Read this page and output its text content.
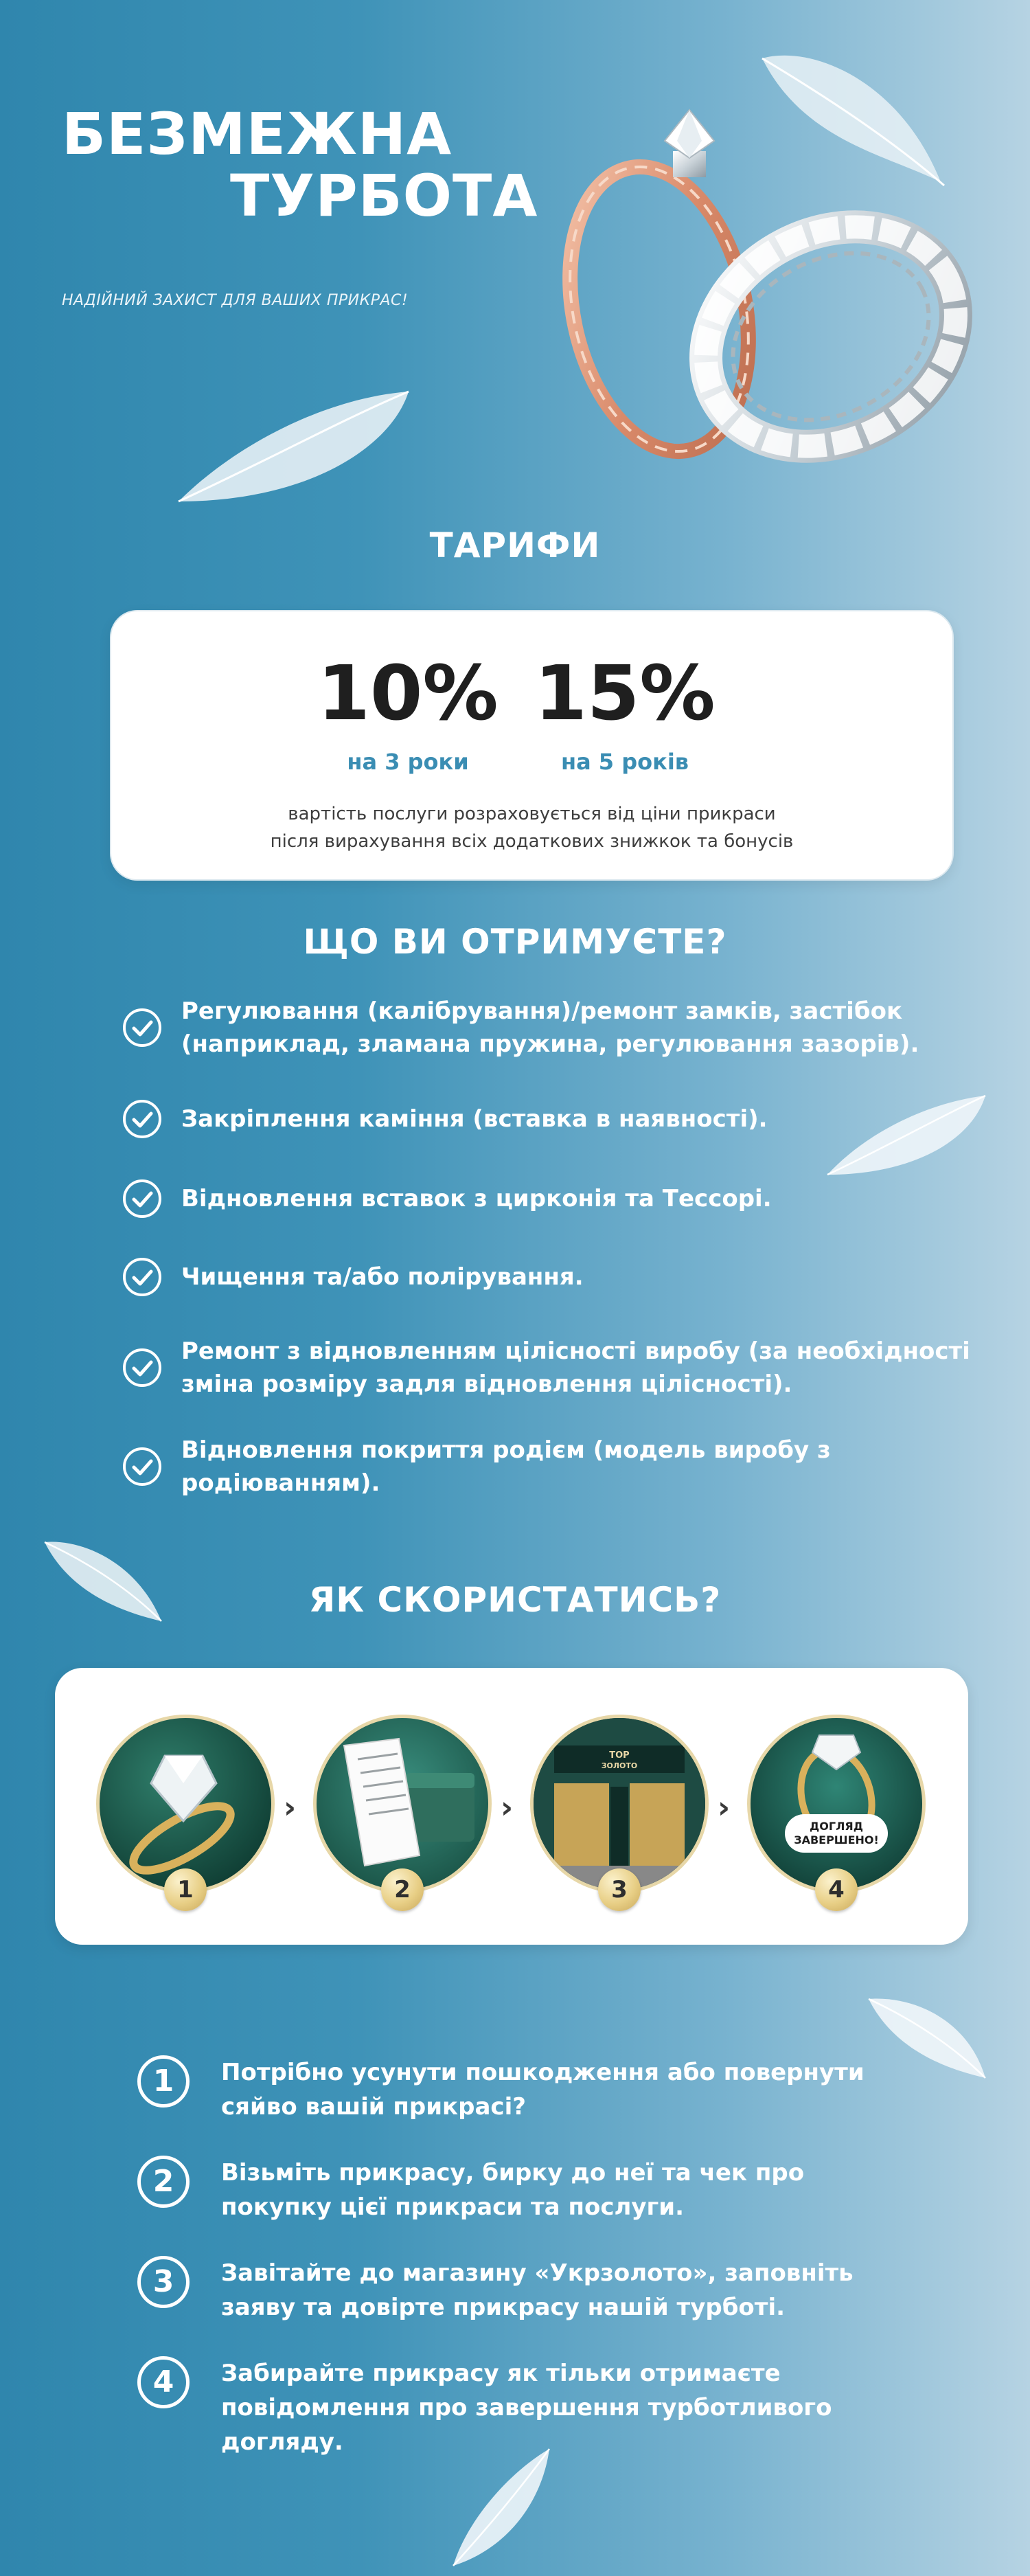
БЕЗМЕЖНА
ТУРБОТА
НАДІЙНИЙ ЗАХИСТ ДЛЯ ВАШИХ ПРИКРАС!
ТАРИФИ
10% 15%
на 3 роки	на 5 років
вартість послуги розраховується від ціни прикраси
після вирахування всіх додаткових знижкок та бонусів
ЩО ВИ ОТРИМУЄТЕ?
Регулювання (калібрування)/ремонт замків, застібок
(наприклад, зламана пружина, регулювання зазорів).
Закріплення каміння (вставка в наявності).
Відновлення вставок з цирконія та Тессорі.
Чищення та/або полірування.
Ремонт з відновленням цілісності виробу (за необхідності
зміна розміру задля відновлення цілісності).
Відновлення покриття родієм (модель виробу з
родіюванням).
ЯК СКОРИСТАТИСЬ?
1
›
2
›
TOP
ЗОЛОТО
3
›
ДОГЛЯД
ЗАВЕРШЕНО!
4
1	Потрібно усунути пошкодження або повернути
сяйво вашій прикрасі?
2	Візьміть прикрасу, бирку до неї та чек про
покупку цієї прикраси та послуги.
3	Завітайте до магазину «Укрзолото», заповніть
заяву та довірте прикрасу нашій турботі.
4	Забирайте прикрасу як тільки отримаєте
повідомлення про завершення турботливого
догляду.
